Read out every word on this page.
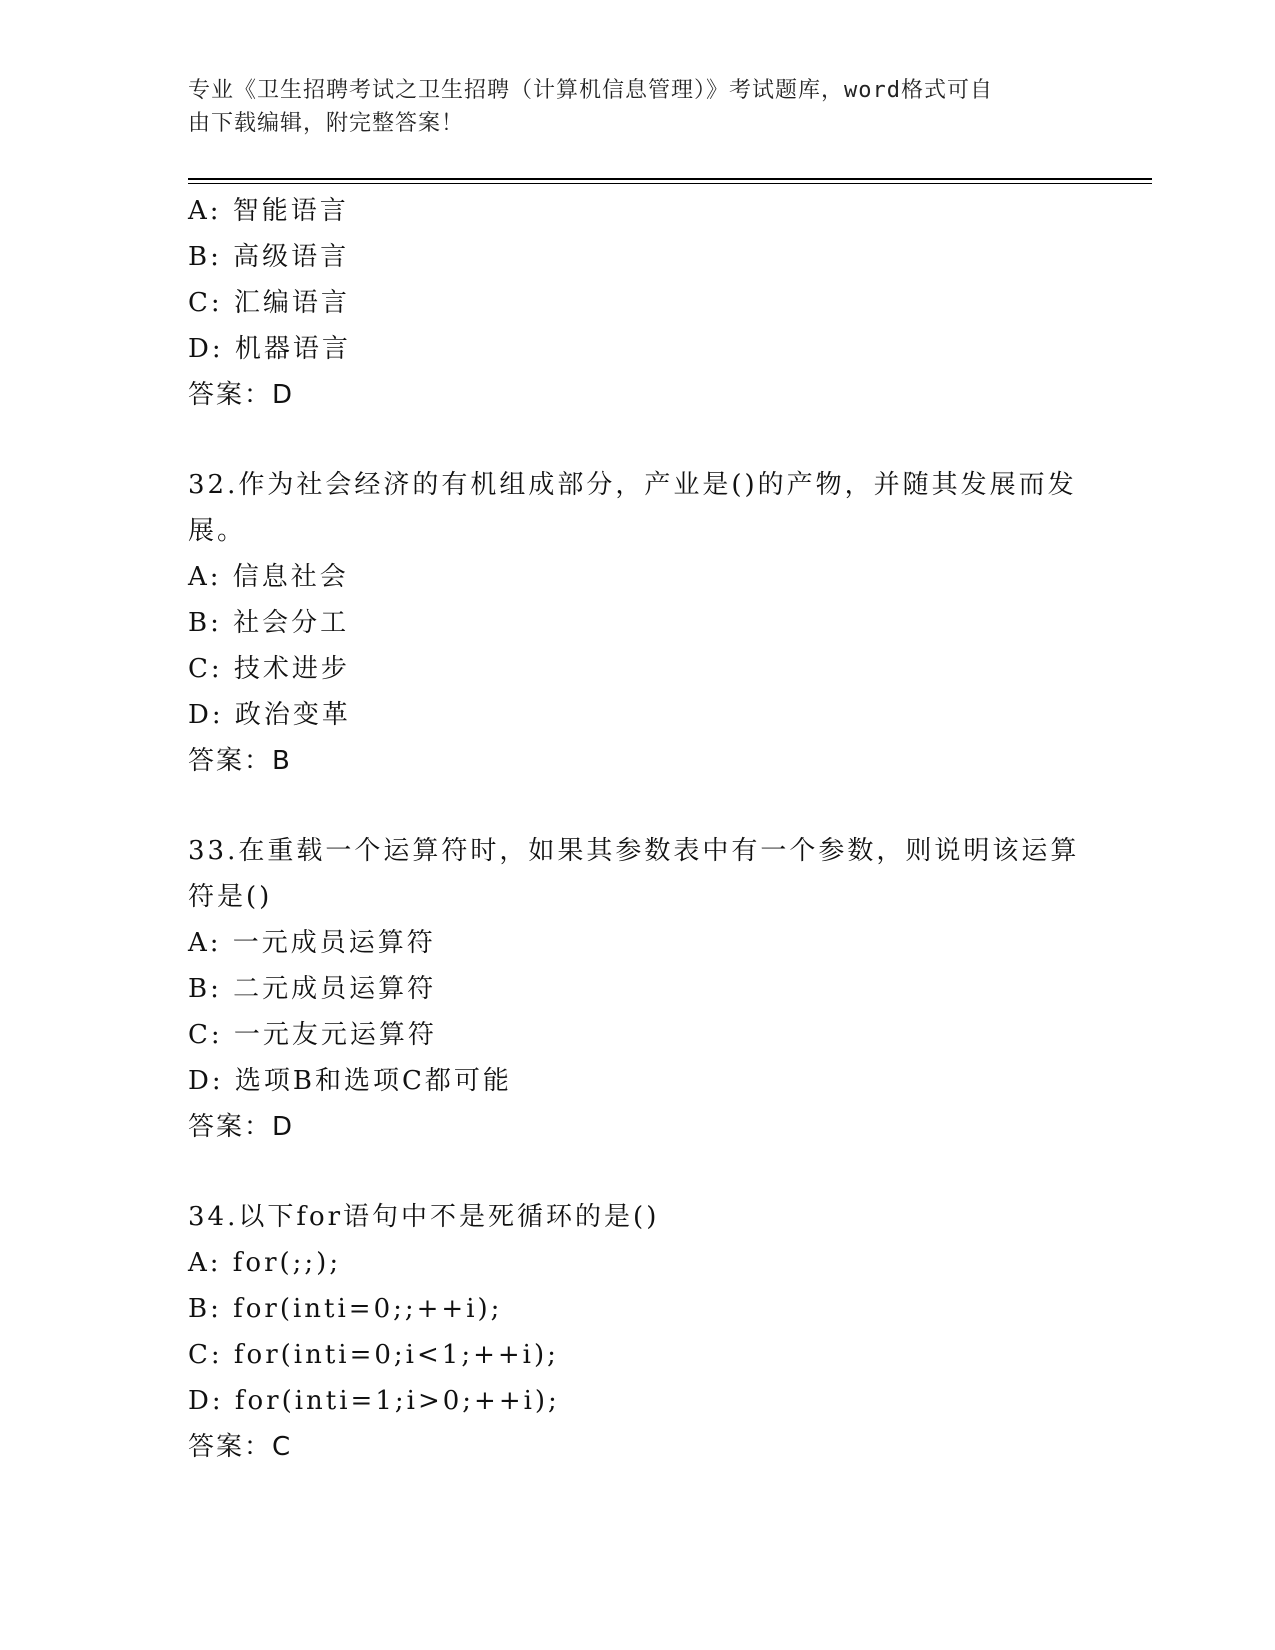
专业《卫生招聘考试之卫生招聘（计算机信息管理）》考试题库，word格式可自
由下载编辑，附完整答案！
A: 智能语言
B: 高级语言
C: 汇编语言
D: 机器语言
答案：D
32.作为社会经济的有机组成部分，产业是()的产物，并随其发展而发
展。
A: 信息社会
B: 社会分工
C: 技术进步
D: 政治变革
答案：B
33.在重载一个运算符时，如果其参数表中有一个参数，则说明该运算
符是()
A: 一元成员运算符
B: 二元成员运算符
C: 一元友元运算符
D: 选项B和选项C都可能
答案：D
34.以下for语句中不是死循环的是()
A: for(;;);
B: for(inti=0;;++i);
C: for(inti=0;i<1;++i);
D: for(inti=1;i>0;++i);
答案：C
